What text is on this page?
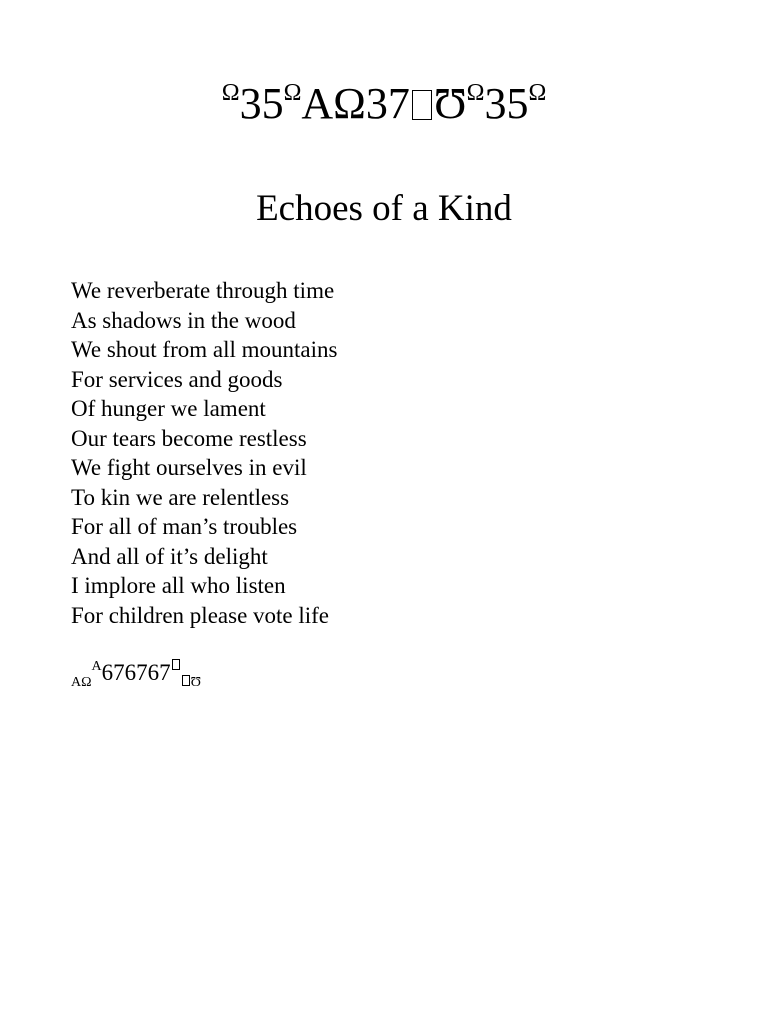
$^\Omega 35^\Omega A\Omega 37$ $Ʊ^\Omega 35^\Omega$
Echoes of a Kind
We reverberate through time
As shadows in the wood
We shout from all mountains
For services and goods
Of hunger we lament
Our tears become restless
We fight ourselves in evil
To kin we are relentless
For all of man’s troubles
And all of it’s delight
I implore all who listen
For children please vote life
$_{A\Omega}^A$676767 $_Ʊ$
